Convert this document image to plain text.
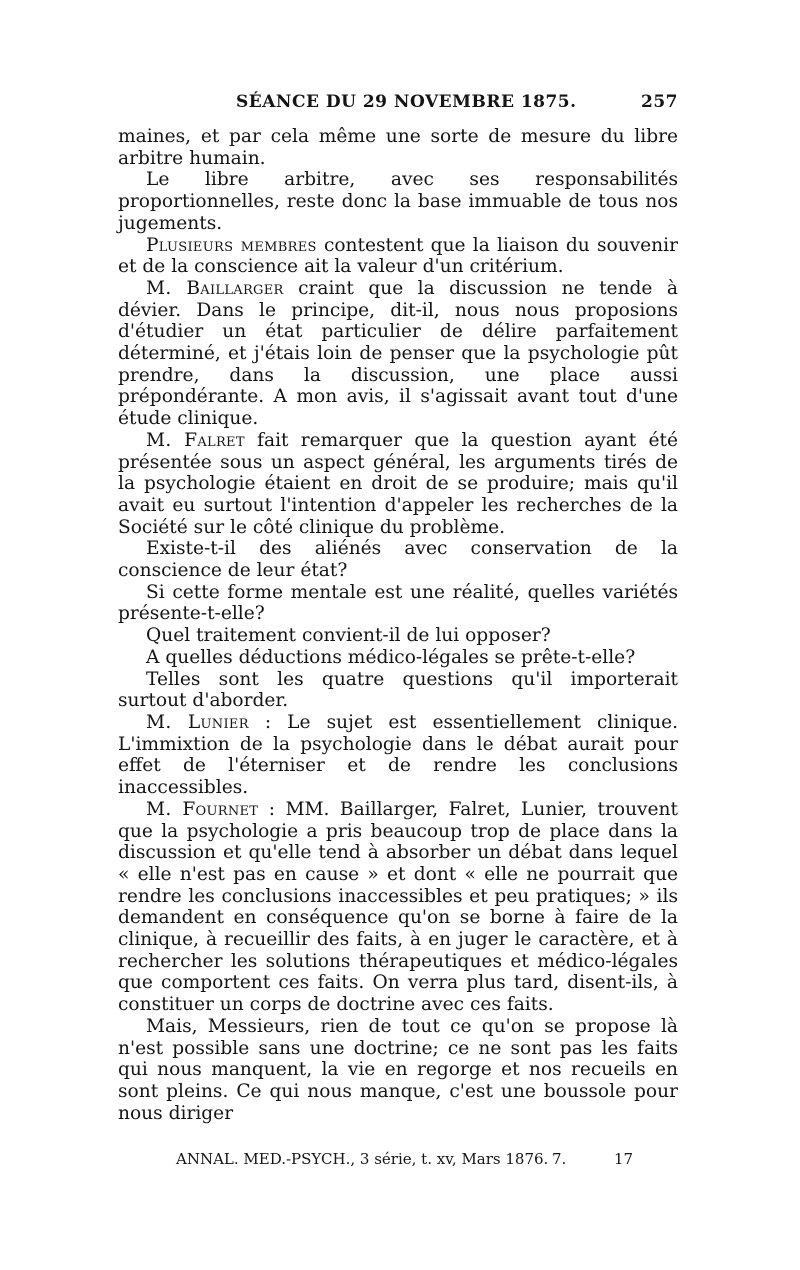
SÉANCE DU 29 NOVEMBRE 1875.	257

maines, et par cela même une sorte de mesure du libre arbitre humain.

Le libre arbitre, avec ses responsabilités proportionnelles, reste donc la base immuable de tous nos jugements.

Plusieurs membres contestent que la liaison du souvenir et de la conscience ait la valeur d'un critérium.

M. Baillarger craint que la discussion ne tende à dévier. Dans le principe, dit-il, nous nous proposions d'étudier un état particulier de délire parfaitement déterminé, et j'étais loin de penser que la psychologie pût prendre, dans la discussion, une place aussi prépondérante. A mon avis, il s'agissait avant tout d'une étude clinique.

M. Falret fait remarquer que la question ayant été présentée sous un aspect général, les arguments tirés de la psychologie étaient en droit de se produire; mais qu'il avait eu surtout l'intention d'appeler les recherches de la Société sur le côté clinique du problème.

Existe-t-il des aliénés avec conservation de la conscience de leur état?

Si cette forme mentale est une réalité, quelles variétés présente-t-elle?

Quel traitement convient-il de lui opposer?

A quelles déductions médico-légales se prête-t-elle?

Telles sont les quatre questions qu'il importerait surtout d'aborder.

M. Lunier : Le sujet est essentiellement clinique. L'immixtion de la psychologie dans le débat aurait pour effet de l'éterniser et de rendre les conclusions inaccessibles.

M. Fournet : MM. Baillarger, Falret, Lunier, trouvent que la psychologie a pris beaucoup trop de place dans la discussion et qu'elle tend à absorber un débat dans lequel « elle n'est pas en cause » et dont « elle ne pourrait que rendre les conclusions inaccessibles et peu pratiques; » ils demandent en conséquence qu'on se borne à faire de la clinique, à recueillir des faits, à en juger le caractère, et à rechercher les solutions thérapeutiques et médico-légales que comportent ces faits. On verra plus tard, disent-ils, à constituer un corps de doctrine avec ces faits.

Mais, Messieurs, rien de tout ce qu'on se propose là n'est possible sans une doctrine; ce ne sont pas les faits qui nous manquent, la vie en regorge et nos recueils en sont pleins. Ce qui nous manque, c'est une boussole pour nous diriger

ANNAL. MED.-PSYCH., 3 série, t. xv, Mars 1876. 7.	17
